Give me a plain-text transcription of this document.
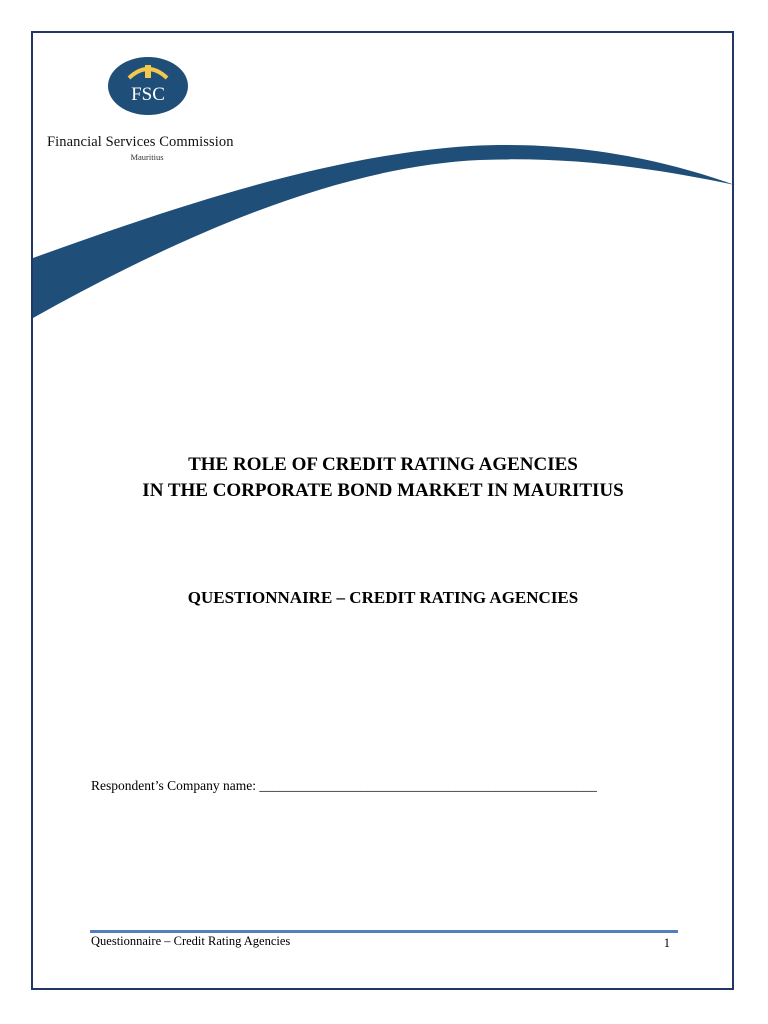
FSC
Financial Services Commission
Mauritius
THE ROLE OF CREDIT RATING AGENCIES
IN THE CORPORATE BOND MARKET IN MAURITIUS
QUESTIONNAIRE – CREDIT RATING AGENCIES
Respondent’s Company name: __________________________________________________
Questionnaire – Credit Rating Agencies	1
